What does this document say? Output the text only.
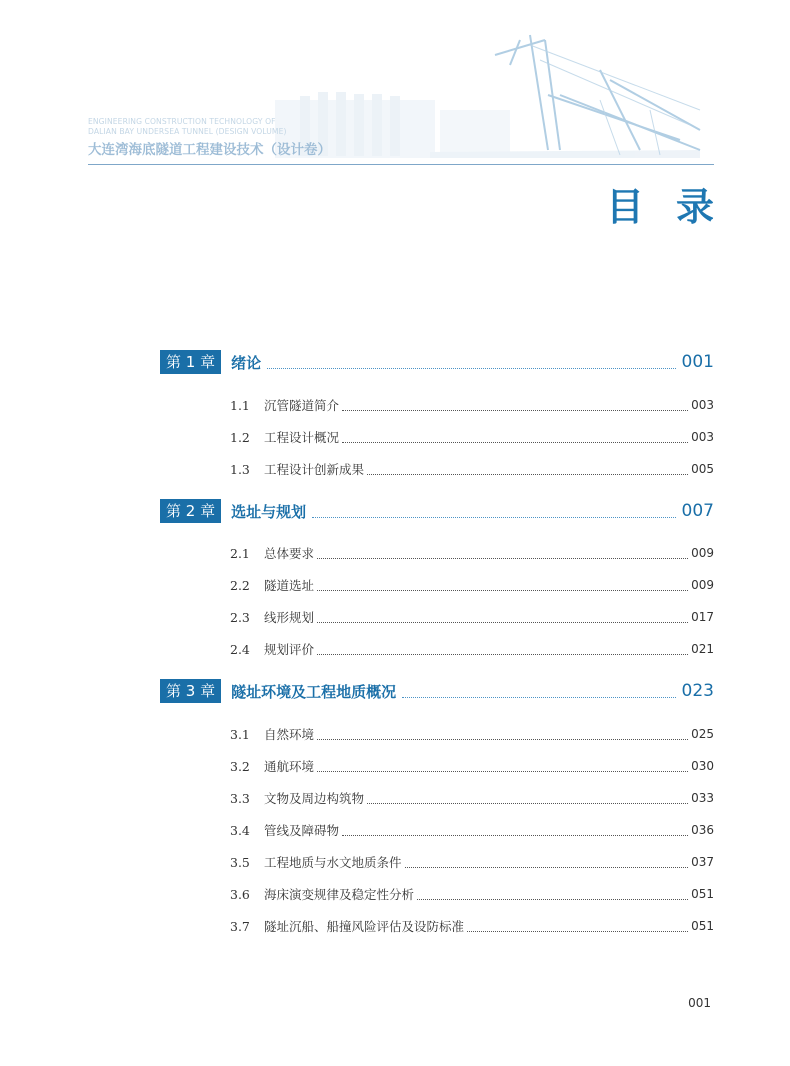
ENGINEERING CONSTRUCTION TECHNOLOGY OF
DALIAN BAY UNDERSEA TUNNEL (DESIGN VOLUME)
大连湾海底隧道工程建设技术（设计卷）
目录
第 1 章	绪论	001
1.1	沉管隧道简介	003
1.2	工程设计概况	003
1.3	工程设计创新成果	005
第 2 章	选址与规划	007
2.1	总体要求	009
2.2	隧道选址	009
2.3	线形规划	017
2.4	规划评价	021
第 3 章	隧址环境及工程地质概况	023
3.1	自然环境	025
3.2	通航环境	030
3.3	文物及周边构筑物	033
3.4	管线及障碍物	036
3.5	工程地质与水文地质条件	037
3.6	海床演变规律及稳定性分析	051
3.7	隧址沉船、船撞风险评估及设防标准	051
001
